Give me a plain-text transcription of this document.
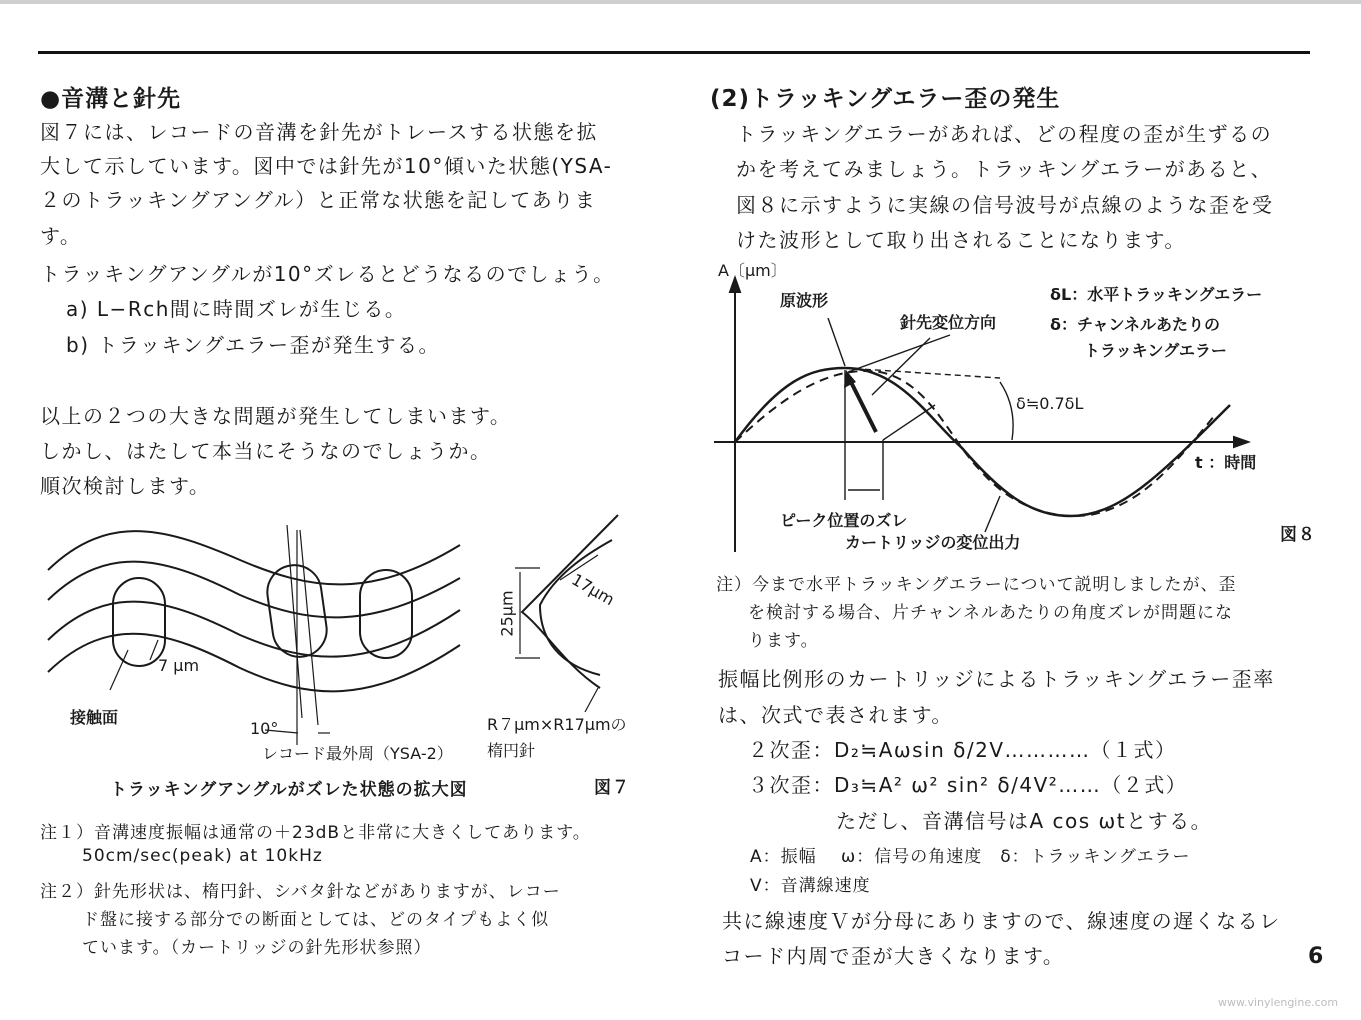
●音溝と針先
図７には、レコードの音溝を針先がトレースする状態を拡
大して示しています。図中では針先が10°傾いた状態(YSA-
２のトラッキングアングル）と正常な状態を記してありま
す。
トラッキングアングルが10°ズレるとどうなるのでしょう。
a) L−Rch間に時間ズレが生じる。
b) トラッキングエラー歪が発生する。
以上の２つの大きな問題が発生してしまいます。
しかし、はたして本当にそうなのでしょうか。
順次検討します。
7 μm
接触面
10°
レコード最外周（YSA-2）
25μm
17μm
R７μm×R17μmの
楕円針
トラッキングアングルがズレた状態の拡大図	図７
注１）音溝速度振幅は通常の＋23dBと非常に大きくしてあります。
50cm/sec(peak) at 10kHz
注２）針先形状は、楕円針、シバタ針などがありますが、レコー
ド盤に接する部分での断面としては、どのタイプもよく似
ています。（カートリッジの針先形状参照）
(2)トラッキングエラー歪の発生
トラッキングエラーがあれば、どの程度の歪が生ずるの
かを考えてみましょう。トラッキングエラーがあると、
図８に示すように実線の信号波号が点線のような歪を受
けた波形として取り出されることになります。
A〔μm〕
原波形
針先変位方向
δL：水平トラッキングエラー
δ：チャンネルあたりの
トラッキングエラー
δ≒0.7δL
t ：時間
ピーク位置のズレ
カートリッジの変位出力	図８
注）今まで水平トラッキングエラーについて説明しましたが、歪
を検討する場合、片チャンネルあたりの角度ズレが問題にな
ります。
振幅比例形のカートリッジによるトラッキングエラー歪率
は、次式で表されます。
２次歪：D₂≒Aωsin δ/2V…………（１式）
３次歪：D₃≒A² ω² sin² δ/4V²……（２式）
ただし、音溝信号はA cos ωtとする。
A：振幅　 ω：信号の角速度　δ：トラッキングエラー
V：音溝線速度
共に線速度Ｖが分母にありますので、線速度の遅くなるレ
コード内周で歪が大きくなります。	6
www.vinylengine.com
